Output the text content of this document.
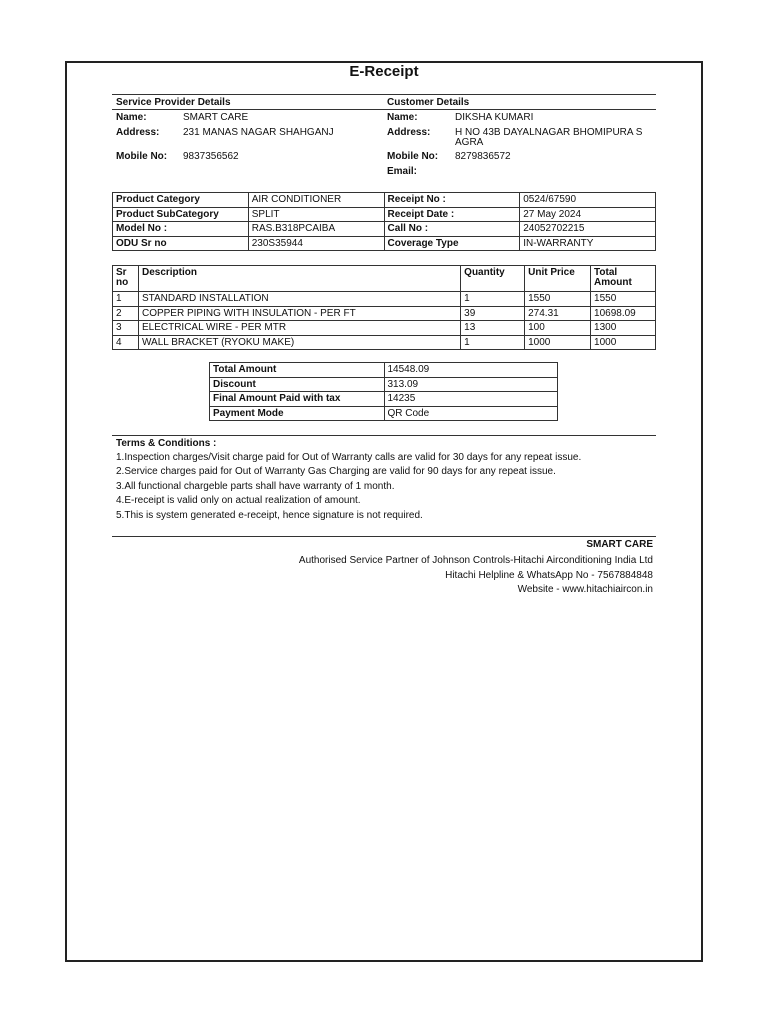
E-Receipt
Service Provider Details
Name:	SMART CARE
Address: 231 MANAS NAGAR SHAHGANJ
Mobile No: 9837356562
Customer Details
Name:	DIKSHA KUMARI
Address: H NO 43B DAYALNAGAR BHOMIPURA S
AGRA
Mobile No: 8279836572
Email:
Product Category	AIR CONDITIONER	Receipt No :	0524/67590
Product SubCategory	SPLIT	Receipt Date :	27 May 2024
Model No :	RAS.B318PCAIBA	Call No :	24052702215
ODU Sr no	230S35944	Coverage Type	IN-WARRANTY
Sr no	Description	Quantity	Unit Price	Total Amount
1	STANDARD INSTALLATION	1	1550	1550
2	COPPER PIPING WITH INSULATION - PER FT	39	274.31	10698.09
3	ELECTRICAL WIRE - PER MTR	13	100	1300
4	WALL BRACKET (RYOKU MAKE)	1	1000	1000
Total Amount	14548.09
Discount	313.09
Final Amount Paid with tax	14235
Payment Mode	QR Code
Terms & Conditions :
1.Inspection charges/Visit charge paid for Out of Warranty calls are valid for 30 days for any repeat issue.
2.Service charges paid for Out of Warranty Gas Charging are valid for 90 days for any repeat issue.
3.All functional chargeble parts shall have warranty of 1 month.
4.E-receipt is valid only on actual realization of amount.
5.This is system generated e-receipt, hence signature is not required.
SMART CARE
Authorised Service Partner of Johnson Controls-Hitachi Airconditioning India Ltd
Hitachi Helpline & WhatsApp No - 7567884848
Website - www.hitachiaircon.in
